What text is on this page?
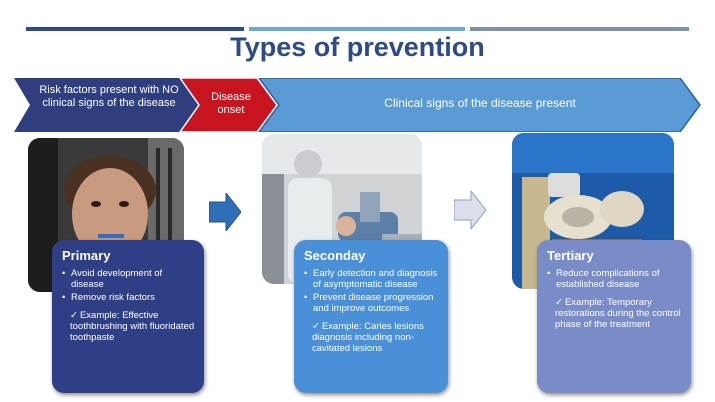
Types of prevention
Risk factors present with NO clinical signs of the disease	Disease onset	Clinical signs of the disease present
Primary
• Avoid development of disease
• Remove risk factors
✓ Example: Effective toothbrushing with fluoridated toothpaste
Seconday
• Early detection and diagnosis of asymptomatic disease
• Prevent disease progression and improve outcomes
✓ Example: Caries lesions diagnosis including non-cavitated lesions
Tertiary
• Reduce complications of established disease
✓ Example: Temporary restorations during the control phase of the treatment
